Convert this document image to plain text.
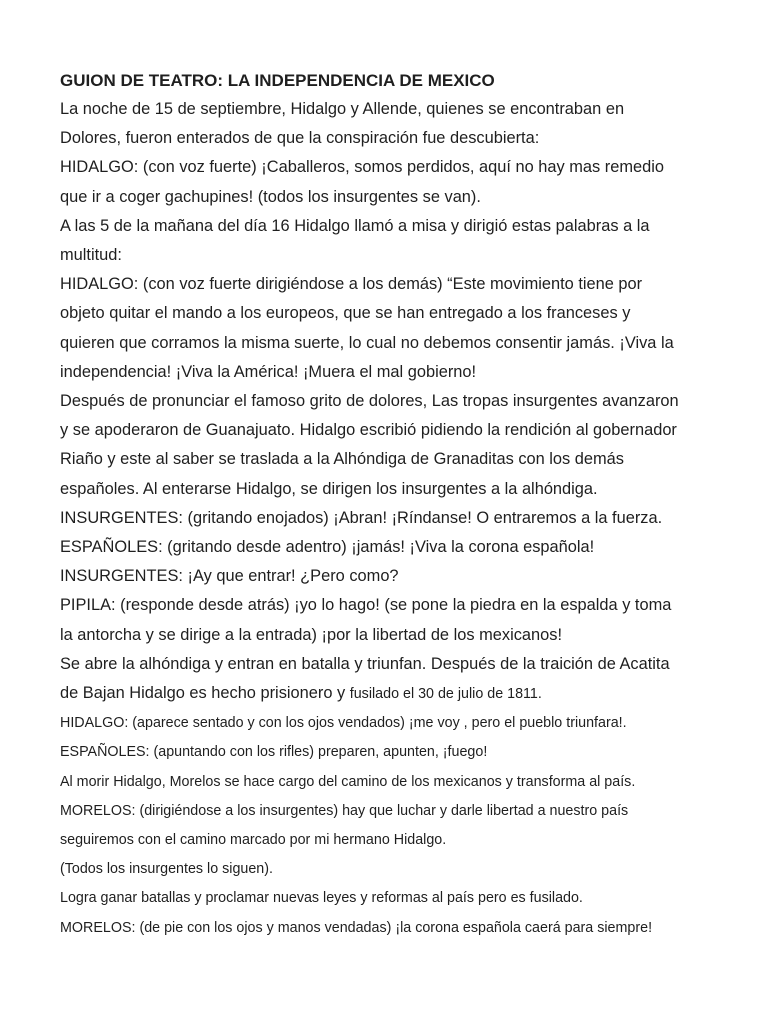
GUION DE TEATRO: LA INDEPENDENCIA DE MEXICO
La noche de 15 de septiembre, Hidalgo y Allende, quienes se encontraban en
Dolores, fueron enterados de que la conspiración fue descubierta:
HIDALGO: (con voz fuerte) ¡Caballeros, somos perdidos, aquí no hay mas remedio
que ir a coger gachupines! (todos los insurgentes se van).
A las 5 de la mañana del día 16 Hidalgo llamó a misa y dirigió estas palabras a la
multitud:
HIDALGO: (con voz fuerte dirigiéndose a los demás) “Este movimiento tiene por
objeto quitar el mando a los europeos, que se han entregado a los franceses y
quieren que corramos la misma suerte, lo cual no debemos consentir jamás. ¡Viva la
independencia! ¡Viva la América! ¡Muera el mal gobierno!
Después de pronunciar el famoso grito de dolores, Las tropas insurgentes avanzaron
y se apoderaron de Guanajuato. Hidalgo escribió pidiendo la rendición al gobernador
Riaño y este al saber se traslada a la Alhóndiga de Granaditas con los demás
españoles. Al enterarse Hidalgo, se dirigen los insurgentes a la alhóndiga.
INSURGENTES: (gritando enojados) ¡Abran! ¡Ríndanse! O entraremos a la fuerza.
ESPAÑOLES: (gritando desde adentro) ¡jamás! ¡Viva la corona española!
INSURGENTES: ¡Ay que entrar! ¿Pero como?
PIPILA: (responde desde atrás) ¡yo lo hago! (se pone la piedra en la espalda y toma
la antorcha y se dirige a la entrada) ¡por la libertad de los mexicanos!
Se abre la alhóndiga y entran en batalla y triunfan. Después de la traición de Acatita
de Bajan Hidalgo es hecho prisionero y fusilado el 30 de julio de 1811.
HIDALGO: (aparece sentado y con los ojos vendados) ¡me voy , pero el pueblo triunfara!.
ESPAÑOLES: (apuntando con los rifles) preparen, apunten, ¡fuego!
Al morir Hidalgo, Morelos se hace cargo del camino de los mexicanos y transforma al país.
MORELOS: (dirigiéndose a los insurgentes) hay que luchar y darle libertad a nuestro país
seguiremos con el camino marcado por mi hermano Hidalgo.
(Todos los insurgentes lo siguen).
Logra ganar batallas y proclamar nuevas leyes y reformas al país pero es fusilado.
MORELOS: (de pie con los ojos y manos vendadas) ¡la corona española caerá para siempre!
